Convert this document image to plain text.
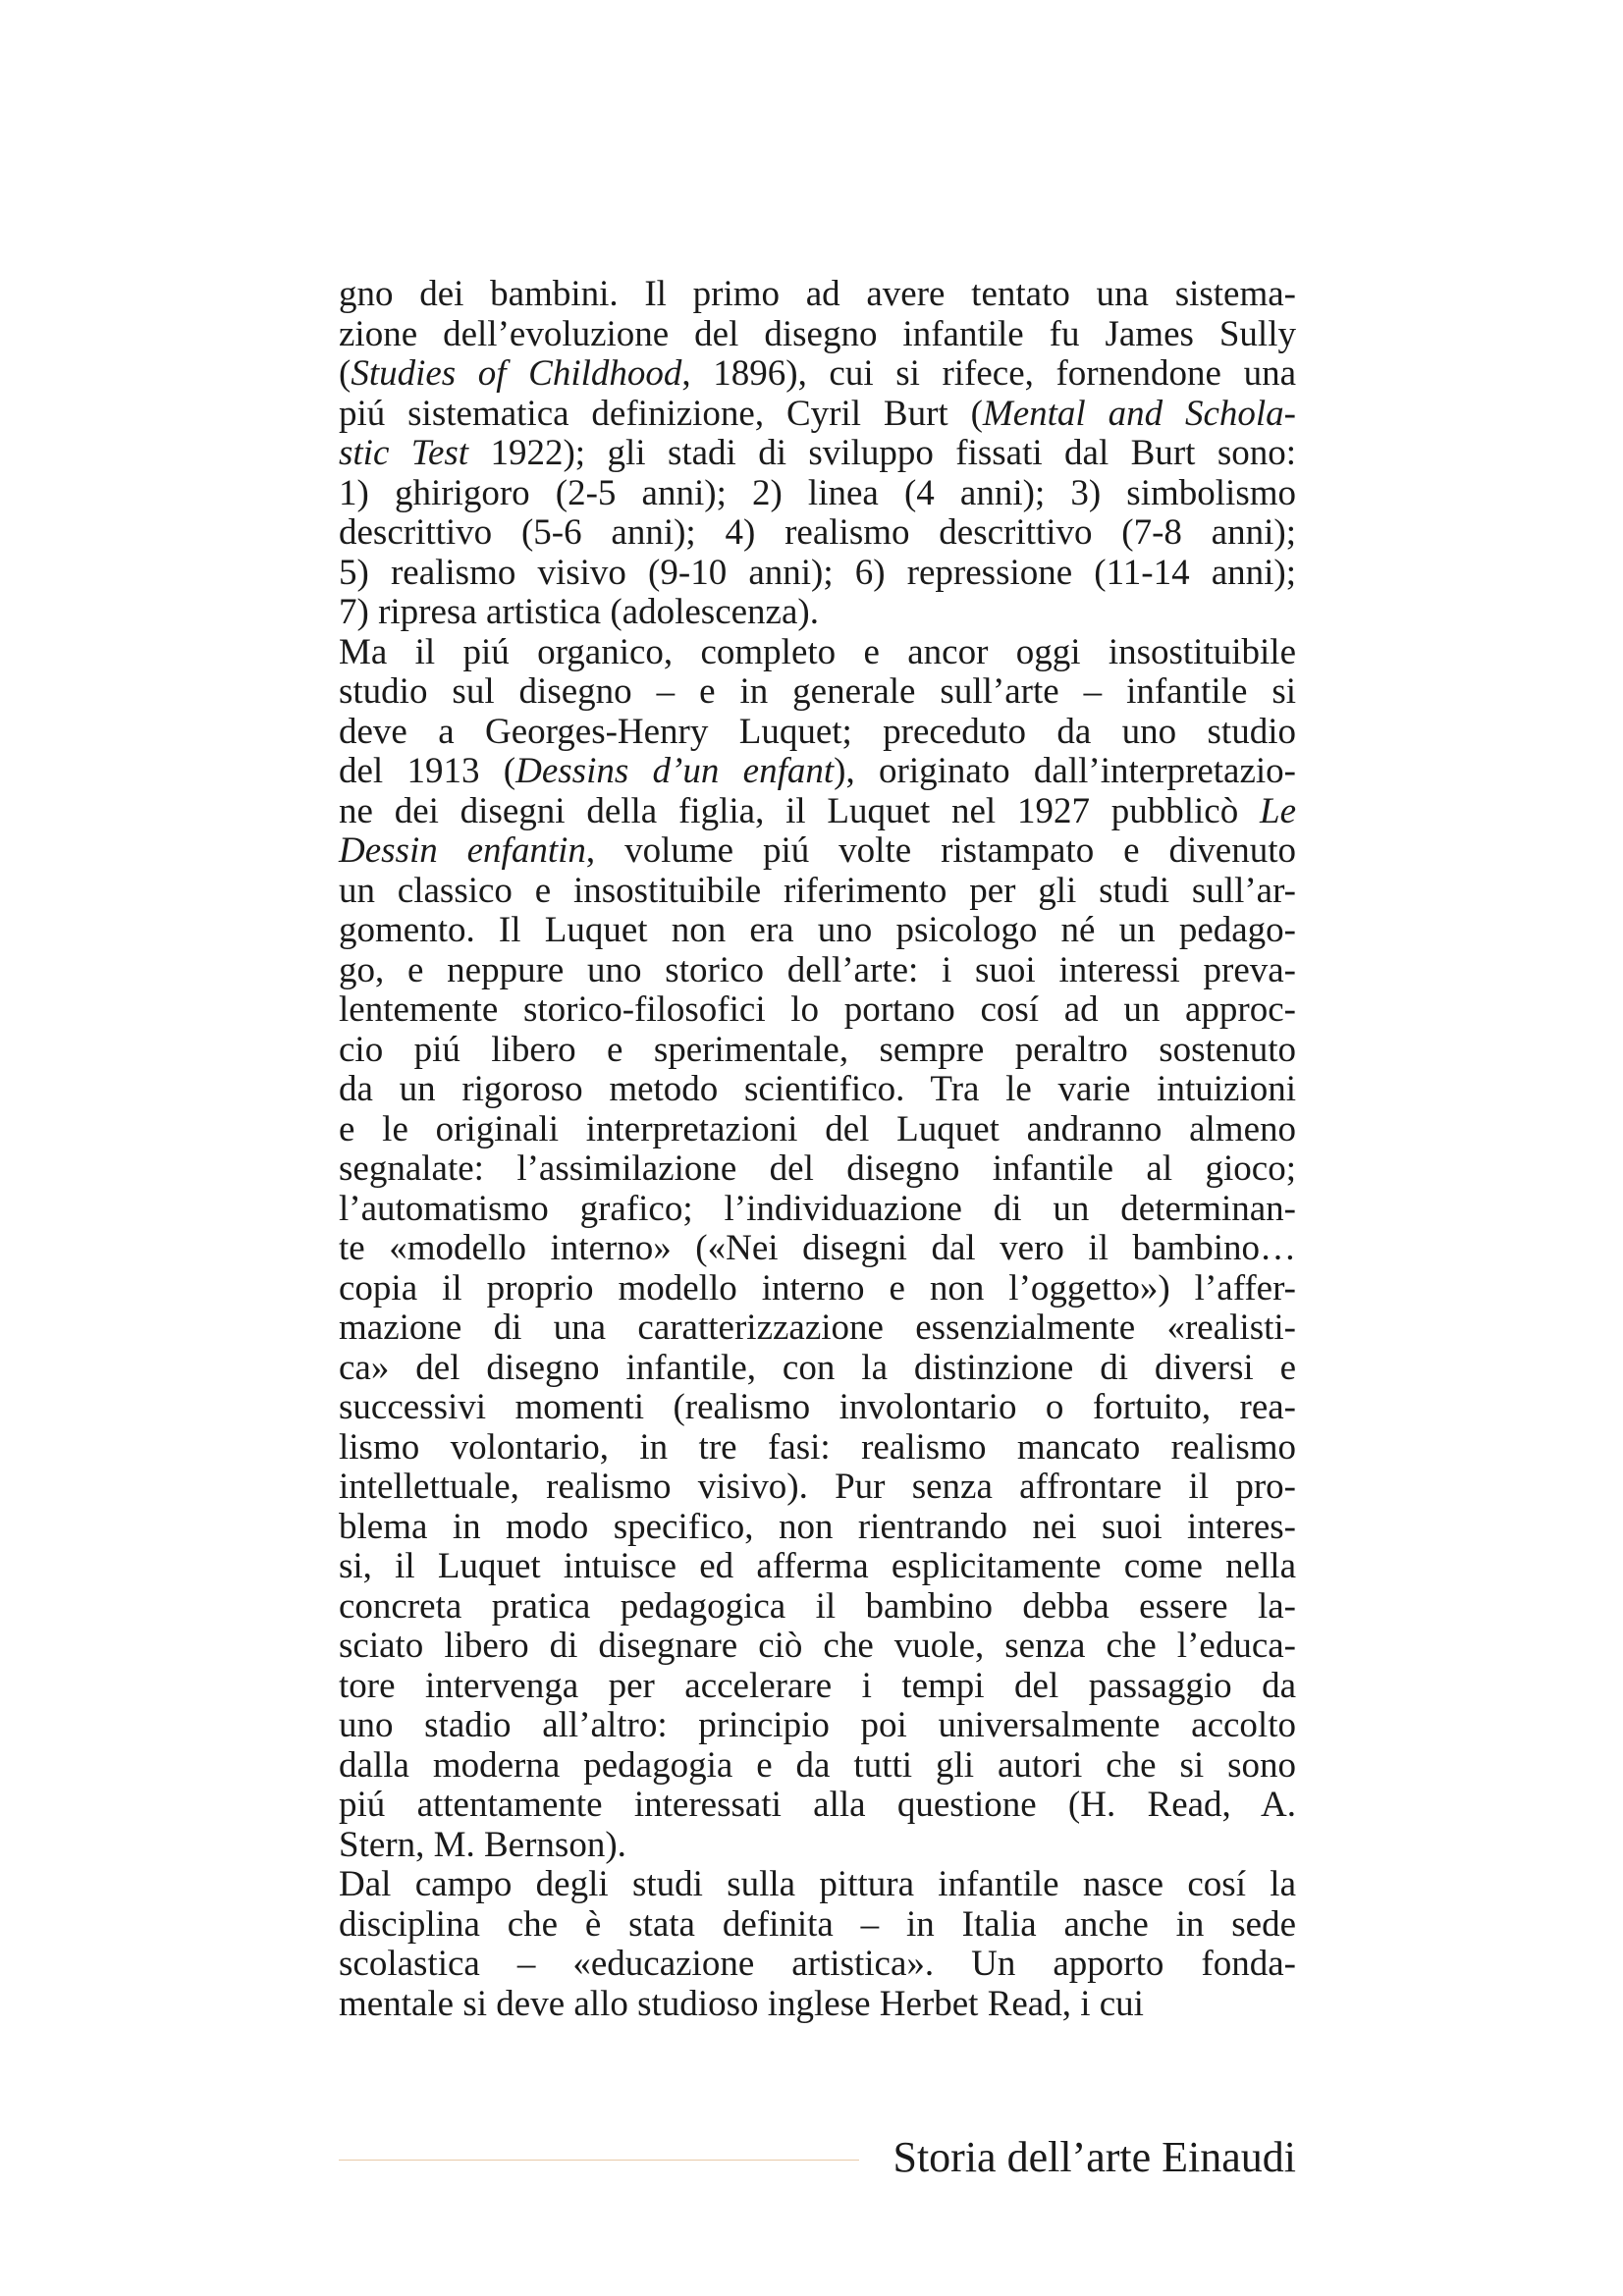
gno dei bambini. Il primo ad avere tentato una sistema-
zione dell’evoluzione del disegno infantile fu James Sully
(Studies of Childhood, 1896), cui si rifece, fornendone una
piú sistematica definizione, Cyril Burt (Mental and Schola-
stic Test 1922); gli stadi di sviluppo fissati dal Burt sono:
1) ghirigoro (2-5 anni); 2) linea (4 anni); 3) simbolismo
descrittivo (5-6 anni); 4) realismo descrittivo (7-8 anni);
5) realismo visivo (9-10 anni); 6) repressione (11-14 anni);
7) ripresa artistica (adolescenza).

Ma il piú organico, completo e ancor oggi insostituibile
studio sul disegno – e in generale sull’arte – infantile si
deve a Georges-Henry Luquet; preceduto da uno studio
del 1913 (Dessins d’un enfant), originato dall’interpretazio-
ne dei disegni della figlia, il Luquet nel 1927 pubblicò Le
Dessin enfantin, volume piú volte ristampato e divenuto
un classico e insostituibile riferimento per gli studi sull’ar-
gomento. Il Luquet non era uno psicologo né un pedago-
go, e neppure uno storico dell’arte: i suoi interessi preva-
lentemente storico-filosofici lo portano cosí ad un approc-
cio piú libero e sperimentale, sempre peraltro sostenuto
da un rigoroso metodo scientifico. Tra le varie intuizioni
e le originali interpretazioni del Luquet andranno almeno
segnalate: l’assimilazione del disegno infantile al gioco;
l’automatismo grafico; l’individuazione di un determinan-
te «modello interno» («Nei disegni dal vero il bambino…
copia il proprio modello interno e non l’oggetto») l’affer-
mazione di una caratterizzazione essenzialmente «realisti-
ca» del disegno infantile, con la distinzione di diversi e
successivi momenti (realismo involontario o fortuito, rea-
lismo volontario, in tre fasi: realismo mancato realismo
intellettuale, realismo visivo). Pur senza affrontare il pro-
blema in modo specifico, non rientrando nei suoi interes-
si, il Luquet intuisce ed afferma esplicitamente come nella
concreta pratica pedagogica il bambino debba essere la-
sciato libero di disegnare ciò che vuole, senza che l’educa-
tore intervenga per accelerare i tempi del passaggio da
uno stadio all’altro: principio poi universalmente accolto
dalla moderna pedagogia e da tutti gli autori che si sono
piú attentamente interessati alla questione (H. Read, A.
Stern, M. Bernson).

Dal campo degli studi sulla pittura infantile nasce cosí la
disciplina che è stata definita – in Italia anche in sede
scolastica – «educazione artistica». Un apporto fonda-
mentale si deve allo studioso inglese Herbet Read, i cui

Storia dell’arte Einaudi
